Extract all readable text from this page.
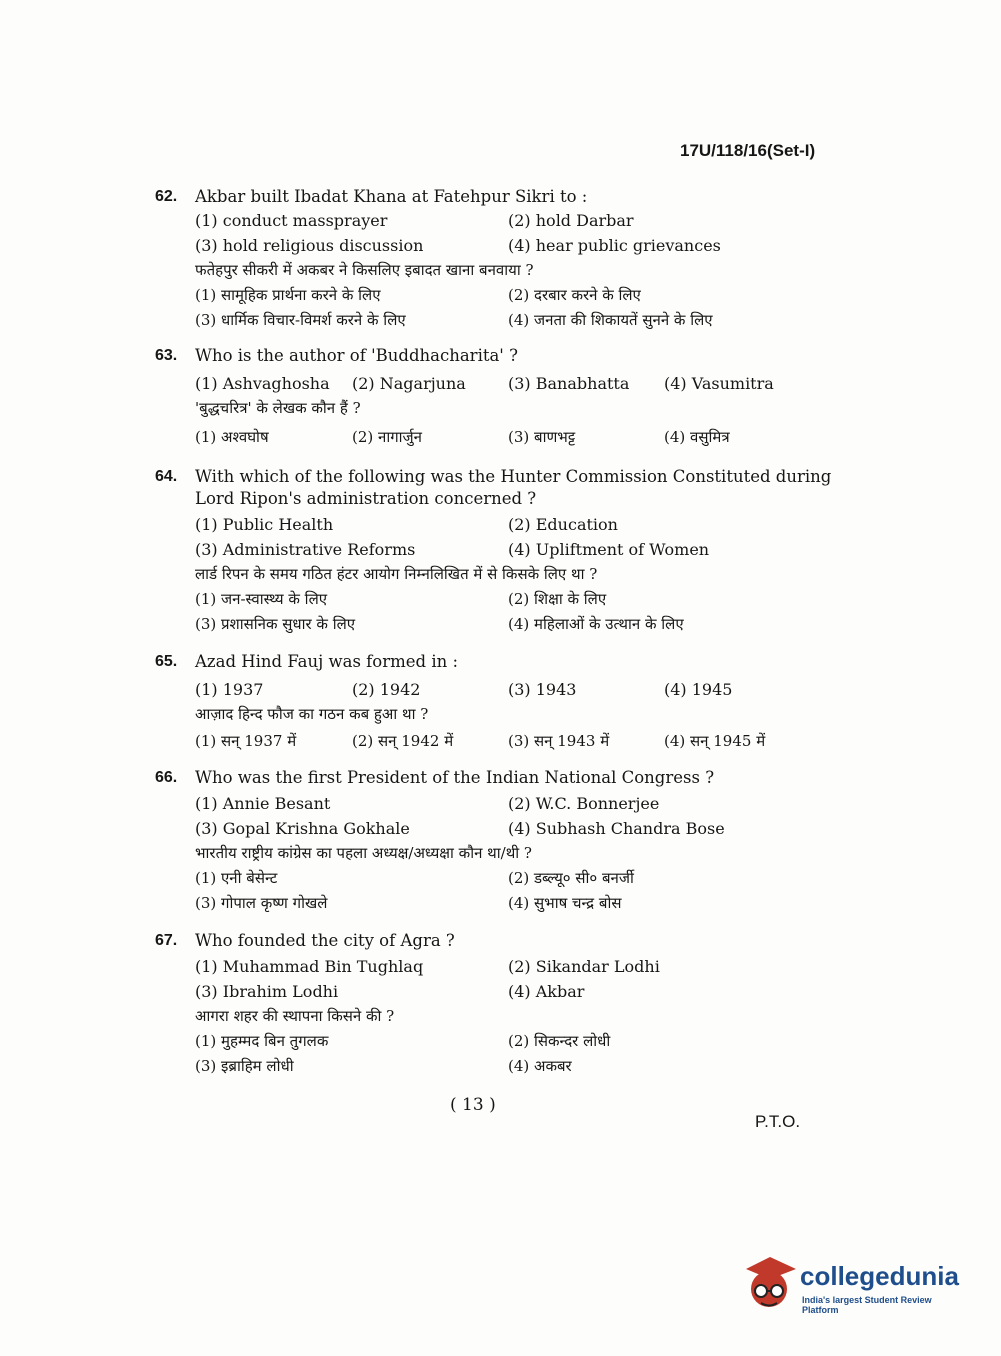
17U/118/16(Set-I)
62.	Akbar built Ibadat Khana at Fatehpur Sikri to :
(1) conduct massprayer	(2) hold Darbar
(3) hold religious discussion	(4) hear public grievances
फतेहपुर सीकरी में अकबर ने किसलिए इबादत खाना बनवाया ?
(1) सामूहिक प्रार्थना करने के लिए	(2) दरबार करने के लिए
(3) धार्मिक विचार-विमर्श करने के लिए	(4) जनता की शिकायतें सुनने के लिए
63.	Who is the author of 'Buddhacharita' ?
(1) Ashvaghosha	(2) Nagarjuna	(3) Banabhatta	(4) Vasumitra
'बुद्धचरित्र' के लेखक कौन हैं ?
(1) अश्वघोष	(2) नागार्जुन	(3) बाणभट्ट	(4) वसुमित्र
64.	With which of the following was the Hunter Commission Constituted during Lord Ripon's administration concerned ?
(1) Public Health	(2) Education
(3) Administrative Reforms	(4) Upliftment of Women
लार्ड रिपन के समय गठित हंटर आयोग निम्नलिखित में से किसके लिए था ?
(1) जन-स्वास्थ्य के लिए	(2) शिक्षा के लिए
(3) प्रशासनिक सुधार के लिए	(4) महिलाओं के उत्थान के लिए
65.	Azad Hind Fauj was formed in :
(1) 1937	(2) 1942	(3) 1943	(4) 1945
आज़ाद हिन्द फौज का गठन कब हुआ था ?
(1) सन् 1937 में	(2) सन् 1942 में	(3) सन् 1943 में	(4) सन् 1945 में
66.	Who was the first President of the Indian National Congress ?
(1) Annie Besant	(2) W.C. Bonnerjee
(3) Gopal Krishna Gokhale	(4) Subhash Chandra Bose
भारतीय राष्ट्रीय कांग्रेस का पहला अध्यक्ष/अध्यक्षा कौन था/थी ?
(1) एनी बेसेन्ट	(2) डब्ल्यू० सी० बनर्जी
(3) गोपाल कृष्ण गोखले	(4) सुभाष चन्द्र बोस
67.	Who founded the city of Agra ?
(1) Muhammad Bin Tughlaq	(2) Sikandar Lodhi
(3) Ibrahim Lodhi	(4) Akbar
आगरा शहर की स्थापना किसने की ?
(1) मुहम्मद बिन तुगलक	(2) सिकन्दर लोधी
(3) इब्राहिम लोधी	(4) अकबर
( 13 )
P.T.O.
collegedunia
India's largest Student Review Platform
